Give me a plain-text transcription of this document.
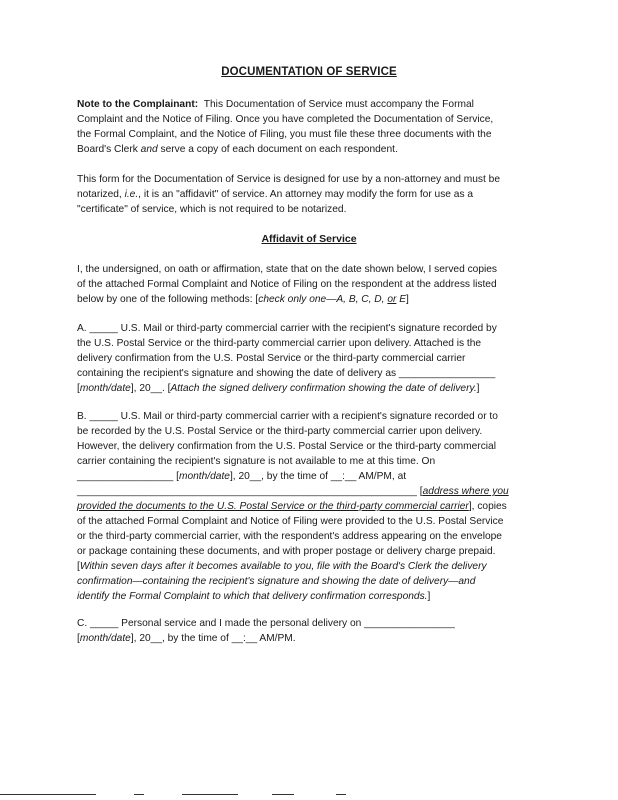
DOCUMENTATION OF SERVICE
Note to the Complainant: This Documentation of Service must accompany the Formal
Complaint and the Notice of Filing. Once you have completed the Documentation of Service,
the Formal Complaint, and the Notice of Filing, you must file these three documents with the
Board's Clerk and serve a copy of each document on each respondent.
This form for the Documentation of Service is designed for use by a non-attorney and must be
notarized, i.e., it is an "affidavit" of service. An attorney may modify the form for use as a
"certificate" of service, which is not required to be notarized.
Affidavit of Service
I, the undersigned, on oath or affirmation, state that on the date shown below, I served copies
of the attached Formal Complaint and Notice of Filing on the respondent at the address listed
below by one of the following methods: [check only one—A, B, C, D, or E]
A. _____ U.S. Mail or third-party commercial carrier with the recipient's signature recorded by
the U.S. Postal Service or the third-party commercial carrier upon delivery. Attached is the
delivery confirmation from the U.S. Postal Service or the third-party commercial carrier
containing the recipient's signature and showing the date of delivery as _________________
[month/date], 20__. [Attach the signed delivery confirmation showing the date of delivery.]
B. _____ U.S. Mail or third-party commercial carrier with a recipient's signature recorded or to
be recorded by the U.S. Postal Service or the third-party commercial carrier upon delivery.
However, the delivery confirmation from the U.S. Postal Service or the third-party commercial
carrier containing the recipient's signature is not available to me at this time. On
_________________ [month/date], 20__, by the time of __:__ AM/PM, at
____________________________________________________________ [address where you
provided the documents to the U.S. Postal Service or the third-party commercial carrier], copies
of the attached Formal Complaint and Notice of Filing were provided to the U.S. Postal Service
or the third-party commercial carrier, with the respondent's address appearing on the envelope
or package containing these documents, and with proper postage or delivery charge prepaid.
[Within seven days after it becomes available to you, file with the Board's Clerk the delivery
confirmation—containing the recipient's signature and showing the date of delivery—and
identify the Formal Complaint to which that delivery confirmation corresponds.]
C. _____ Personal service and I made the personal delivery on ________________
[month/date], 20__, by the time of __:__ AM/PM.
